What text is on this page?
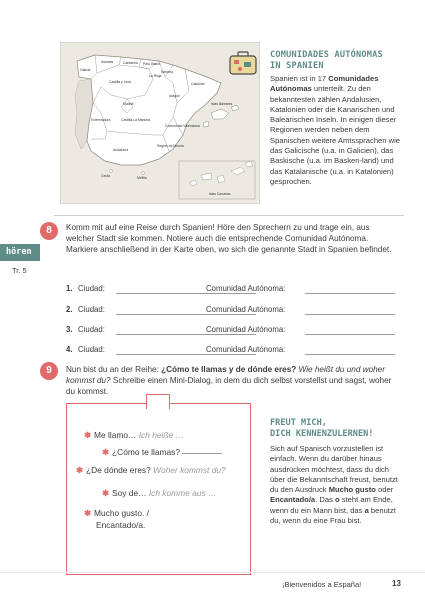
Galicia
Asturias	Cantabria País Vasco
Navarra
Castilla y León
La Rioja
Aragón
Cataluña
Madrid
Extremadura	Castilla-La Mancha
Comunidad Valenciana
Islas Baleares
Región de Murcia
Andalucía
Islas Canarias
Ceuta	Melilla
COMUNIDADES AUTÓNOMAS
IN SPANIEN
Spanien ist in 17 Comunidades Autónomas unterteilt. Zu den bekanntesten zählen Andalusien, Katalonien oder die Kanarischen und Balearischen Inseln. In einigen dieser Regionen werden neben dem Spanischen weitere Amtssprachen wie das Galicische (u.a. in Galicien), das Baskische (u.a. im Basken-land) und das Katalanische (u.a. in Katalonien) gesprochen.
8
hören
Tr. 5
Komm mit auf eine Reise durch Spanien! Höre den Sprechern zu und trage ein, aus welcher Stadt sie kommen. Notiere auch die entsprechende Comunidad Autónoma. Markiere anschließend in der Karte oben, wo sich die genannte Stadt in Spanien befindet.
1. Ciudad:	Comunidad Autónoma:
2. Ciudad:	Comunidad Autónoma:
3. Ciudad:	Comunidad Autónoma:
4. Ciudad:	Comunidad Autónoma:
9	Nun bist du an der Reihe: ¿Cómo te llamas y de dónde eres? Wie heißt du und woher kommst du? Schreibe einen Mini-Dialog, in dem du dich selbst vorstellst und sagst, woher du kommst.
✱ Me llamo… Ich heiße …
✱ ¿Cómo te llamas?
✱ ¿De dónde eres? Woher kommst du?
✱ Soy de… Ich komme aus …
✱ Mucho gusto. /
Encantado/a.
FREUT MICH,
DICH KENNENZULERNEN!
Sich auf Spanisch vorzustellen ist einfach. Wenn du darüber hinaus ausdrücken möchtest, dass du dich über die Bekanntschaft freust, benutzt du den Ausdruck Mucho gusto oder Encantado/a. Das o steht am Ende, wenn du ein Mann bist, das a benutzt du, wenn du eine Frau bist.
¡Bienvenidos a España!	13
